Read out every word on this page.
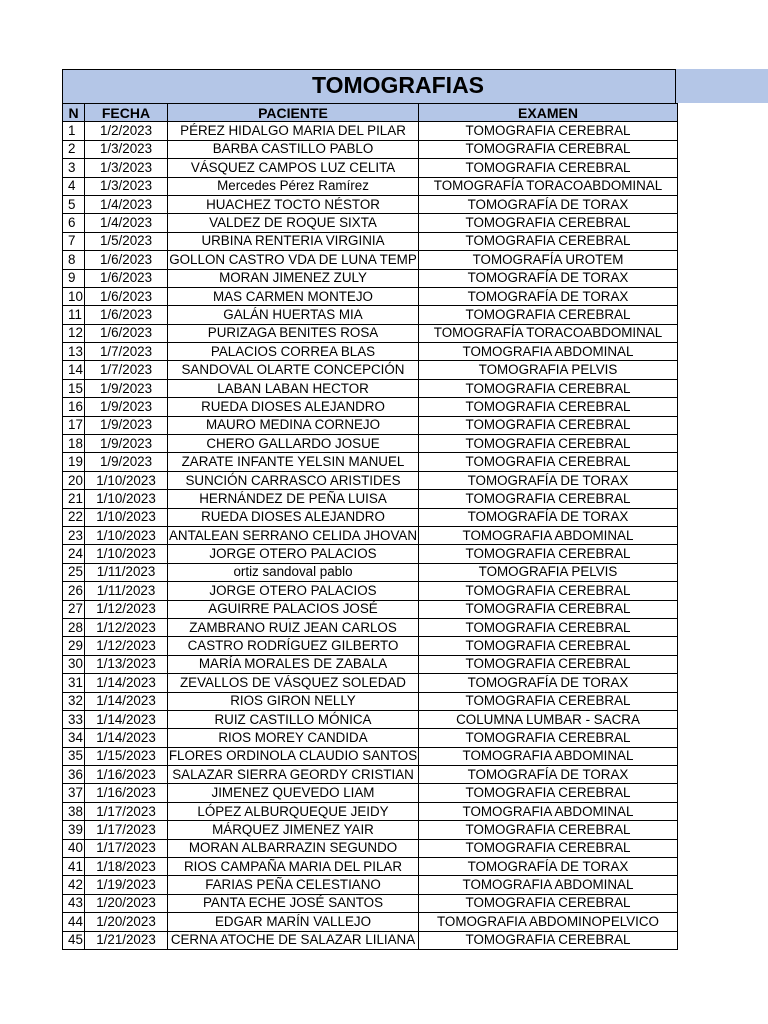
TOMOGRAFIAS
N	FECHA	PACIENTE	EXAMEN
1	1/2/2023	PÉREZ HIDALGO MARIA DEL PILAR	TOMOGRAFIA CEREBRAL
2	1/3/2023	BARBA CASTILLO PABLO	TOMOGRAFIA CEREBRAL
3	1/3/2023	VÁSQUEZ CAMPOS LUZ CELITA	TOMOGRAFIA CEREBRAL
4	1/3/2023	Mercedes Pérez Ramírez	TOMOGRAFÍA TORACOABDOMINAL
5	1/4/2023	HUACHEZ TOCTO NÉSTOR	TOMOGRAFÍA DE TORAX
6	1/4/2023	VALDEZ DE ROQUE SIXTA	TOMOGRAFIA CEREBRAL
7	1/5/2023	URBINA RENTERIA VIRGINIA	TOMOGRAFIA CEREBRAL
8	1/6/2023	GOLLON CASTRO VDA DE LUNA TEMP	TOMOGRAFÍA UROTEM
9	1/6/2023	MORAN JIMENEZ ZULY	TOMOGRAFÍA DE TORAX
10	1/6/2023	MAS CARMEN MONTEJO	TOMOGRAFÍA DE TORAX
11	1/6/2023	GALÁN HUERTAS MIA	TOMOGRAFIA CEREBRAL
12	1/6/2023	PURIZAGA BENITES ROSA	TOMOGRAFÍA TORACOABDOMINAL
13	1/7/2023	PALACIOS CORREA BLAS	TOMOGRAFIA ABDOMINAL
14	1/7/2023	SANDOVAL OLARTE CONCEPCIÓN	TOMOGRAFIA PELVIS
15	1/9/2023	LABAN LABAN HECTOR	TOMOGRAFIA CEREBRAL
16	1/9/2023	RUEDA DIOSES ALEJANDRO	TOMOGRAFIA CEREBRAL
17	1/9/2023	MAURO MEDINA CORNEJO	TOMOGRAFIA CEREBRAL
18	1/9/2023	CHERO GALLARDO JOSUE	TOMOGRAFIA CEREBRAL
19	1/9/2023	ZARATE INFANTE YELSIN MANUEL	TOMOGRAFIA CEREBRAL
20	1/10/2023	SUNCIÓN CARRASCO ARISTIDES	TOMOGRAFÍA DE TORAX
21	1/10/2023	HERNÁNDEZ DE PEÑA LUISA	TOMOGRAFIA CEREBRAL
22	1/10/2023	RUEDA DIOSES ALEJANDRO	TOMOGRAFÍA DE TORAX
23	1/10/2023	ANTALEAN SERRANO CELIDA JHOVAN	TOMOGRAFIA ABDOMINAL
24	1/10/2023	JORGE OTERO PALACIOS	TOMOGRAFIA CEREBRAL
25	1/11/2023	ortiz sandoval pablo	TOMOGRAFIA PELVIS
26	1/11/2023	JORGE OTERO PALACIOS	TOMOGRAFIA CEREBRAL
27	1/12/2023	AGUIRRE PALACIOS JOSÉ	TOMOGRAFIA CEREBRAL
28	1/12/2023	ZAMBRANO RUIZ JEAN CARLOS	TOMOGRAFIA CEREBRAL
29	1/12/2023	CASTRO RODRÍGUEZ GILBERTO	TOMOGRAFIA CEREBRAL
30	1/13/2023	MARÍA MORALES DE ZABALA	TOMOGRAFIA CEREBRAL
31	1/14/2023	ZEVALLOS DE VÁSQUEZ SOLEDAD	TOMOGRAFÍA DE TORAX
32	1/14/2023	RIOS GIRON NELLY	TOMOGRAFIA CEREBRAL
33	1/14/2023	RUIZ CASTILLO MÓNICA	COLUMNA LUMBAR - SACRA
34	1/14/2023	RIOS MOREY CANDIDA	TOMOGRAFIA CEREBRAL
35	1/15/2023	FLORES ORDINOLA CLAUDIO SANTOS	TOMOGRAFIA ABDOMINAL
36	1/16/2023	SALAZAR SIERRA GEORDY CRISTIAN	TOMOGRAFÍA DE TORAX
37	1/16/2023	JIMENEZ QUEVEDO LIAM	TOMOGRAFIA CEREBRAL
38	1/17/2023	LÓPEZ ALBURQUEQUE JEIDY	TOMOGRAFIA ABDOMINAL
39	1/17/2023	MÁRQUEZ JIMENEZ YAIR	TOMOGRAFIA CEREBRAL
40	1/17/2023	MORAN ALBARRAZIN SEGUNDO	TOMOGRAFIA CEREBRAL
41	1/18/2023	RIOS CAMPAÑA MARIA DEL PILAR	TOMOGRAFÍA DE TORAX
42	1/19/2023	FARIAS PEÑA CELESTIANO	TOMOGRAFIA ABDOMINAL
43	1/20/2023	PANTA ECHE JOSÉ SANTOS	TOMOGRAFIA CEREBRAL
44	1/20/2023	EDGAR MARÍN VALLEJO	TOMOGRAFIA ABDOMINOPELVICO
45	1/21/2023	CERNA ATOCHE DE SALAZAR LILIANA	TOMOGRAFIA CEREBRAL
